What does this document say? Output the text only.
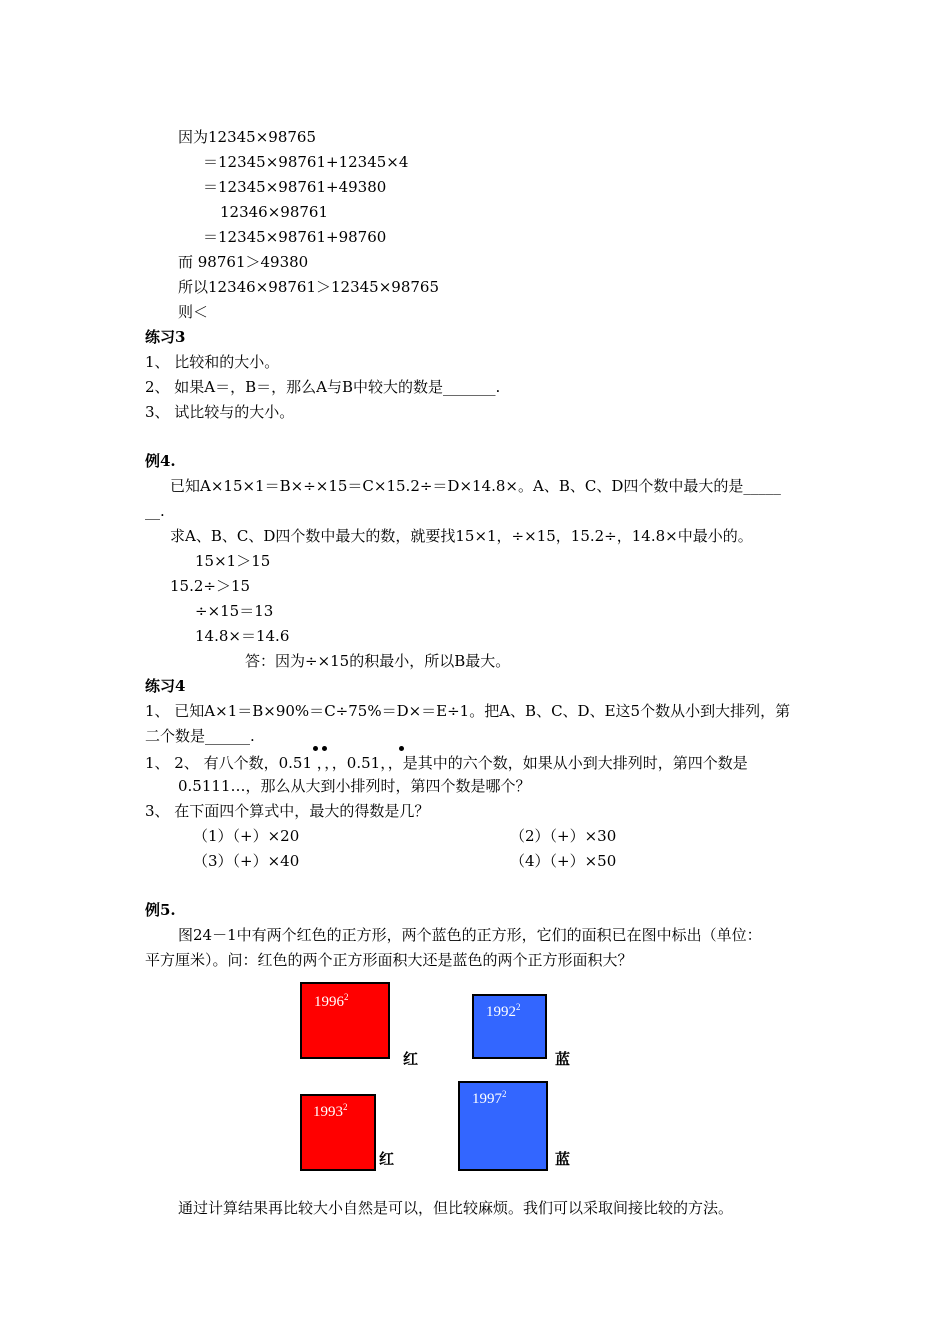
因为12345×98765
＝12345×98761+12345×4
＝12345×98761+49380
12346×98761
＝12345×98761+98760
而 98761＞49380
所以12346×98761＞12345×98765
则＜
练习3
1、 比较和的大小。
2、 如果A＝，B＝，那么A与B中较大的数是_______.
3、 试比较与的大小。
例4.
已知A×15×1＝B×÷×15＝C×15.2÷＝D×14.8×。A、B、C、D四个数中最大的是_____
__.
求A、B、C、D四个数中最大的数，就要找15×1，÷×15，15.2÷，14.8×中最小的。
15×1＞15
15.2÷＞15
÷×15＝13
14.8×＝14.6
答：因为÷×15的积最小，所以B最大。
练习4
1、 已知A×1＝B×90%＝C÷75%＝D×＝E÷1。把A、B、C、D、E这5个数从小到大排列，第
二个数是______.
1、 2、 有八个数，0.51 ，，，0.51，，是其中的六个数，如果从小到大排列时，第四个数是
0.5111…，那么从大到小排列时，第四个数是哪个？
3、 在下面四个算式中，最大的得数是几？
（1）（+）×20	（2）（+）×30
（3）（+）×40	（4）（+）×50
例5.
图24－1中有两个红色的正方形，两个蓝色的正方形，它们的面积已在图中标出（单位：
平方厘米）。问：红色的两个正方形面积大还是蓝色的两个正方形面积大？
1996$^2$
红
1992$^2$
蓝
1993$^2$
红
1997$^2$
蓝
通过计算结果再比较大小自然是可以，但比较麻烦。我们可以采取间接比较的方法。
